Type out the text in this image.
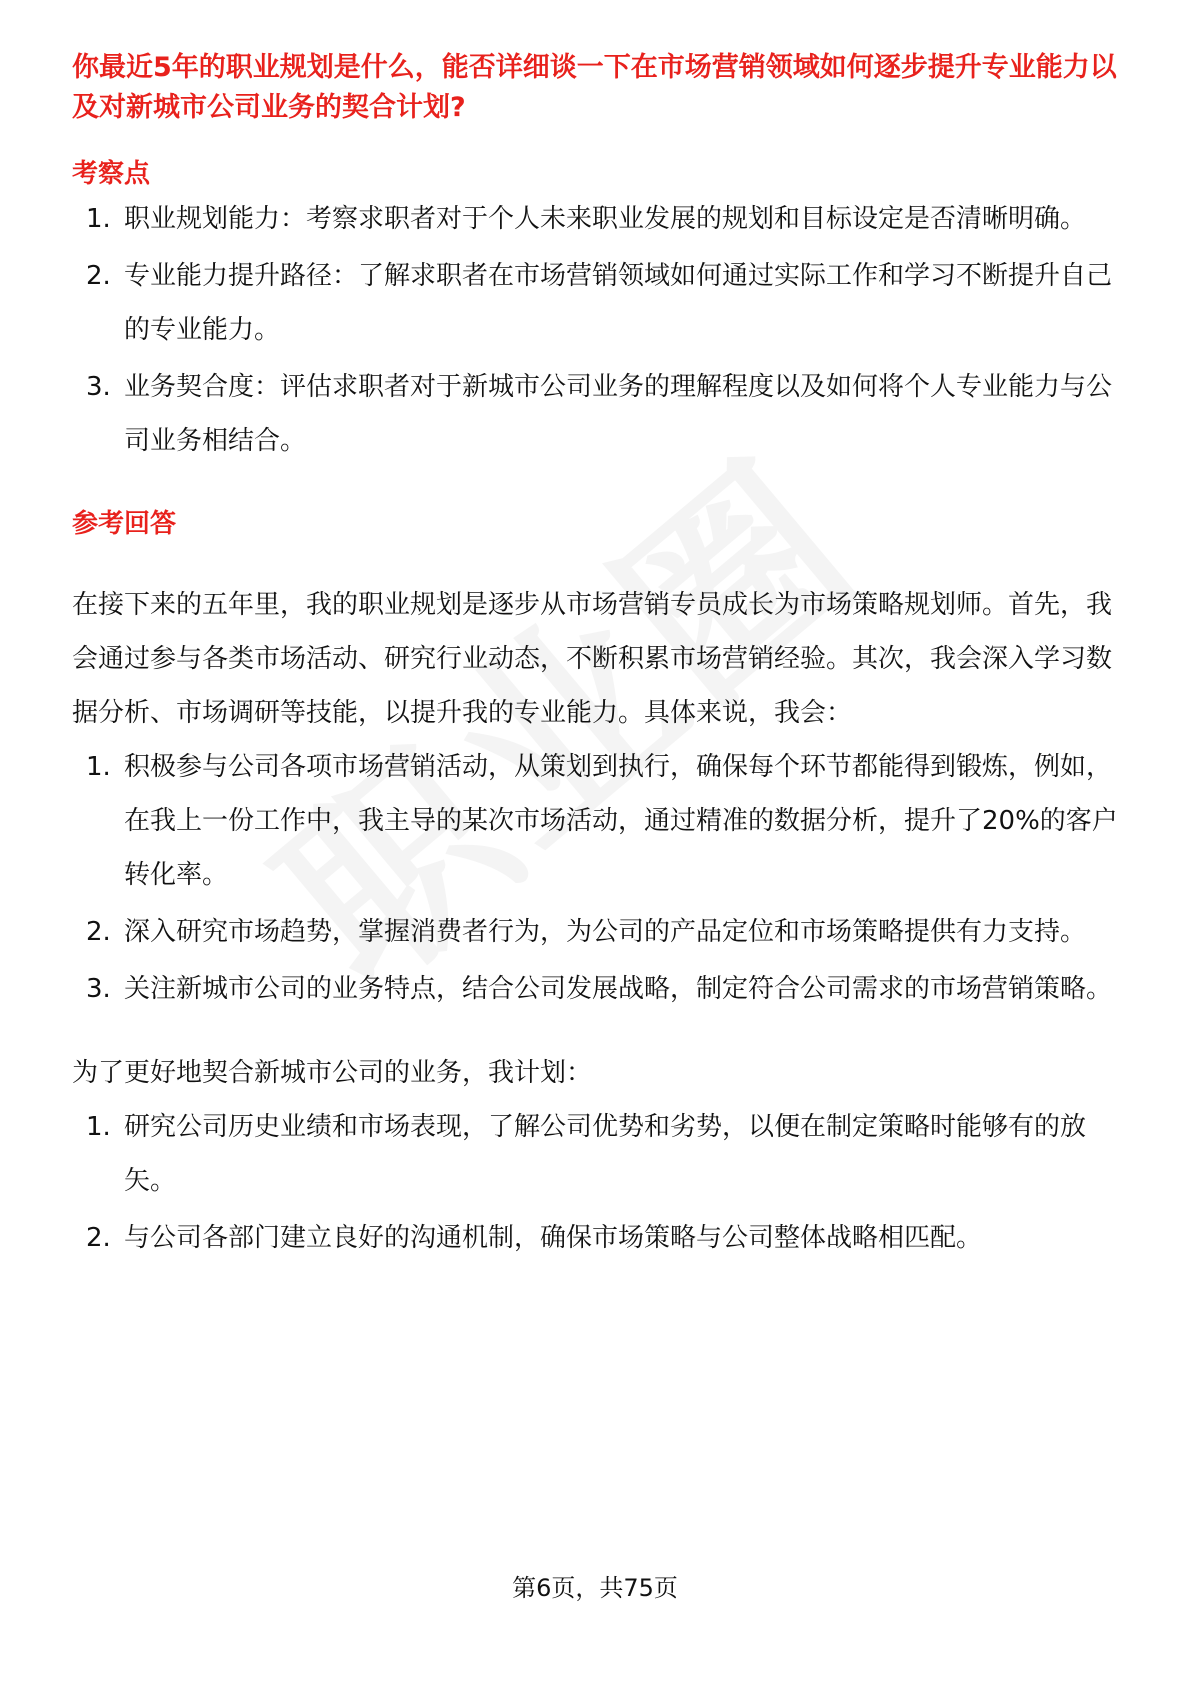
你最近5年的职业规划是什么，能否详细谈一下在市场营销领域如何逐步提升专业能力以及对新城市公司业务的契合计划?

考察点
1. 职业规划能力：考察求职者对于个人未来职业发展的规划和目标设定是否清晰明确。
2. 专业能力提升路径：了解求职者在市场营销领域如何通过实际工作和学习不断提升自己的专业能力。
3. 业务契合度：评估求职者对于新城市公司业务的理解程度以及如何将个人专业能力与公司业务相结合。
参考回答

在接下来的五年里，我的职业规划是逐步从市场营销专员成长为市场策略规划师。首先，我会通过参与各类市场活动、研究行业动态，不断积累市场营销经验。其次，我会深入学习数据分析、市场调研等技能，以提升我的专业能力。具体来说，我会：

1. 积极参与公司各项市场营销活动，从策划到执行，确保每个环节都能得到锻炼，例如，在我上一份工作中，我主导的某次市场活动，通过精准的数据分析，提升了20%的客户转化率。
2. 深入研究市场趋势，掌握消费者行为，为公司的产品定位和市场策略提供有力支持。
3. 关注新城市公司的业务特点，结合公司发展战略，制定符合公司需求的市场营销策略。

为了更好地契合新城市公司的业务，我计划：

1. 研究公司历史业绩和市场表现，了解公司优势和劣势，以便在制定策略时能够有的放矢。
2. 与公司各部门建立良好的沟通机制，确保市场策略与公司整体战略相匹配。
第6页，共75页
